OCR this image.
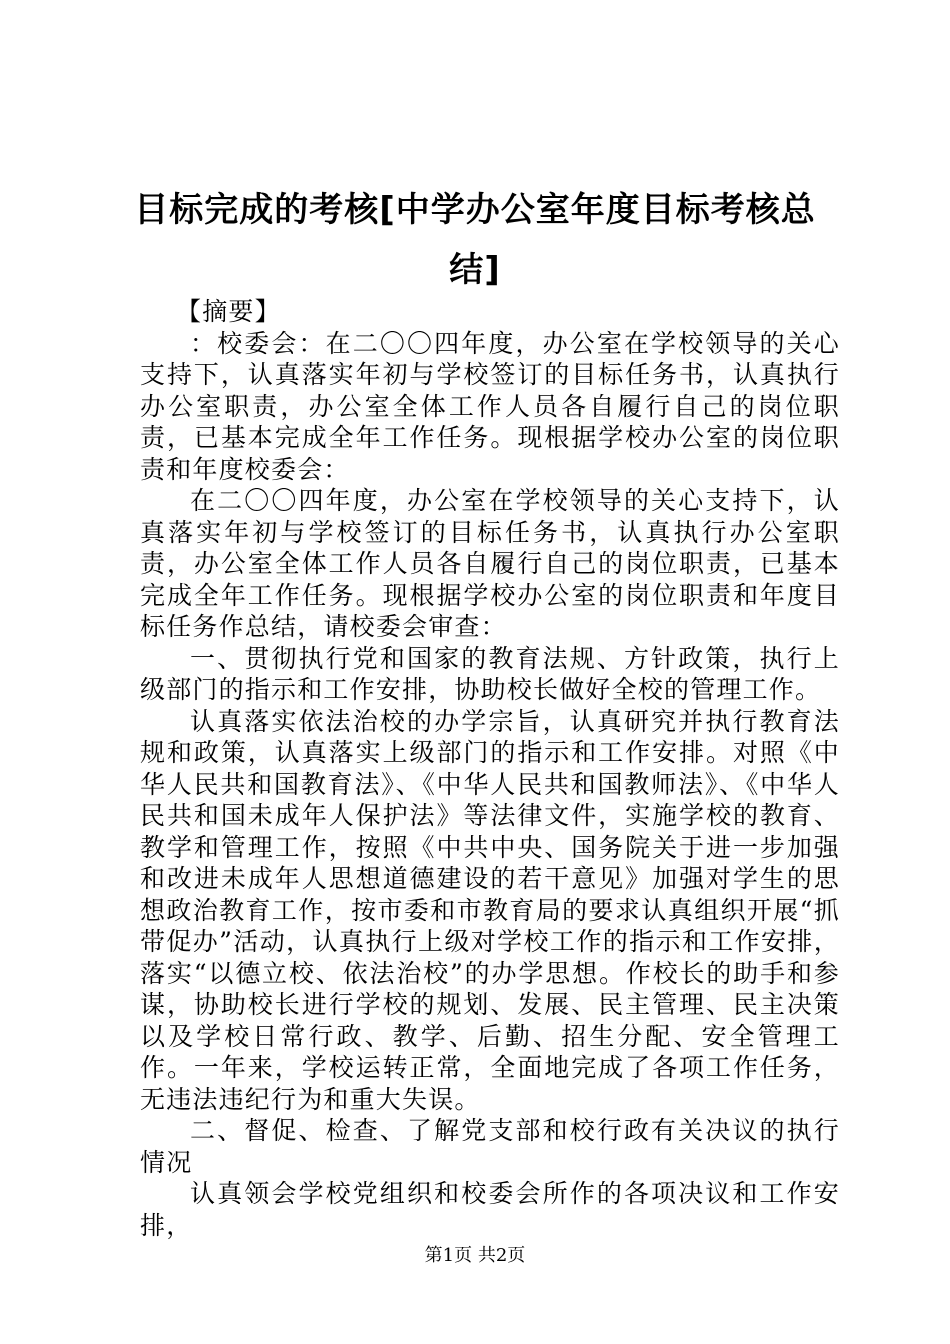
目标完成的考核[中学办公室年度目标考核总结]

【摘要】

：校委会：在二〇〇四年度，办公室在学校领导的关心支持下，认真落实年初与学校签订的目标任务书，认真执行办公室职责，办公室全体工作人员各自履行自己的岗位职责，已基本完成全年工作任务。现根据学校办公室的岗位职责和年度校委会：

在二〇〇四年度，办公室在学校领导的关心支持下，认真落实年初与学校签订的目标任务书，认真执行办公室职责，办公室全体工作人员各自履行自己的岗位职责，已基本完成全年工作任务。现根据学校办公室的岗位职责和年度目标任务作总结，请校委会审查：

一、贯彻执行党和国家的教育法规、方针政策，执行上级部门的指示和工作安排，协助校长做好全校的管理工作。

认真落实依法治校的办学宗旨，认真研究并执行教育法规和政策，认真落实上级部门的指示和工作安排。对照《中华人民共和国教育法》、《中华人民共和国教师法》、《中华人民共和国未成年人保护法》等法律文件，实施学校的教育、教学和管理工作，按照《中共中央、国务院关于进一步加强和改进未成年人思想道德建设的若干意见》加强对学生的思想政治教育工作，按市委和市教育局的要求认真组织开展“抓带促办”活动，认真执行上级对学校工作的指示和工作安排，落实“以德立校、依法治校”的办学思想。作校长的助手和参谋，协助校长进行学校的规划、发展、民主管理、民主决策以及学校日常行政、教学、后勤、招生分配、安全管理工作。一年来，学校运转正常，全面地完成了各项工作任务，无违法违纪行为和重大失误。

二、督促、检查、了解党支部和校行政有关决议的执行情况

认真领会学校党组织和校委会所作的各项决议和工作安排，

第1页 共2页
